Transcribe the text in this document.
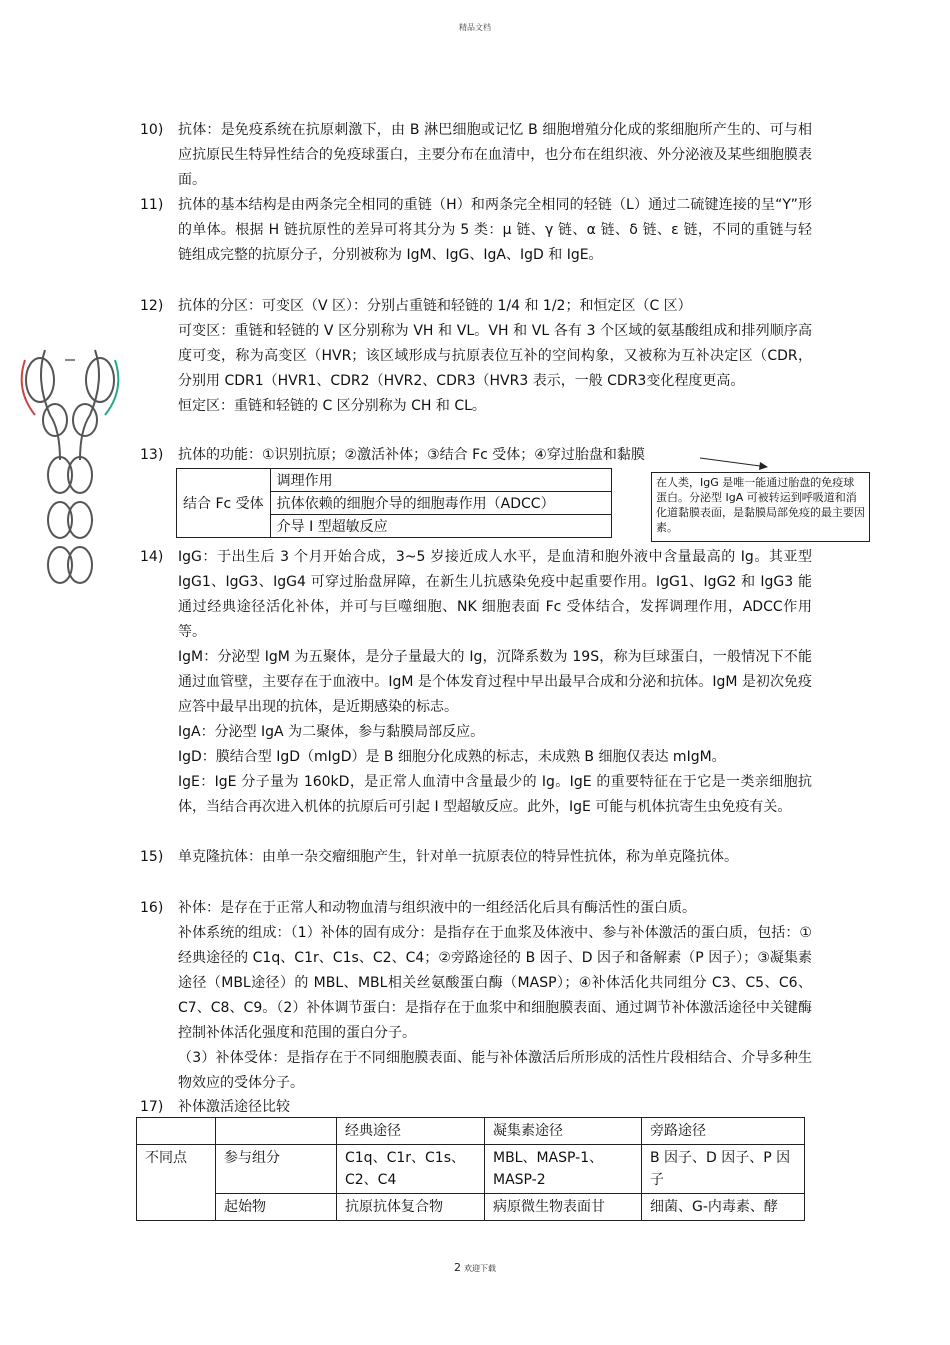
精品文档
10)	抗体：是免疫系统在抗原刺激下，由 B 淋巴细胞或记忆 B 细胞增殖分化成的浆细胞所产生的、可与相应抗原民生特异性结合的免疫球蛋白，主要分布在血清中，也分布在组织液、外分泌液及某些细胞膜表面。

11)	抗体的基本结构是由两条完全相同的重链（H）和两条完全相同的轻链（L）通过二硫键连接的呈“Y”形的单体。根据 H 链抗原性的差异可将其分为 5 类：μ 链、γ 链、α 链、δ 链、ε 链，不同的重链与轻链组成完整的抗原分子，分别被称为 IgM、IgG、IgA、IgD 和 IgE。

12)	抗体的分区：可变区（V 区）：分别占重链和轻链的 1/4 和 1/2；和恒定区（C 区）

可变区：重链和轻链的 V 区分别称为 VH 和 VL。VH 和 VL 各有 3 个区域的氨基酸组成和排列顺序高度可变，称为高变区（HVR；该区域形成与抗原表位互补的空间构象，又被称为互补决定区（CDR，分别用 CDR1（HVR1、CDR2（HVR2、CDR3（HVR3 表示，一般 CDR3变化程度更高。

恒定区：重链和轻链的 C 区分别称为 CH 和 CL。

13)	抗体的功能：①识别抗原；②激活补体；③结合 Fc 受体；④穿过胎盘和黏膜

14)	IgG：于出生后 3 个月开始合成，3~5 岁接近成人水平，是血清和胞外液中含量最高的 Ig。其亚型 IgG1、IgG3、IgG4 可穿过胎盘屏障，在新生儿抗感染免疫中起重要作用。IgG1、IgG2 和 IgG3 能通过经典途径活化补体，并可与巨噬细胞、NK 细胞表面 Fc 受体结合，发挥调理作用，ADCC作用等。

IgM：分泌型 IgM 为五聚体，是分子量最大的 Ig，沉降系数为 19S，称为巨球蛋白，一般情况下不能通过血管壁，主要存在于血液中。IgM 是个体发育过程中早出最早合成和分泌和抗体。IgM 是初次免疫应答中最早出现的抗体，是近期感染的标志。

IgA：分泌型 IgA 为二聚体，参与黏膜局部反应。

IgD：膜结合型 IgD（mIgD）是 B 细胞分化成熟的标志，未成熟 B 细胞仅表达 mIgM。

IgE：IgE 分子量为 160kD，是正常人血清中含量最少的 Ig。IgE 的重要特征在于它是一类亲细胞抗体，当结合再次进入机体的抗原后可引起 I 型超敏反应。此外，IgE 可能与机体抗寄生虫免疫有关。

15)	单克隆抗体：由单一杂交瘤细胞产生，针对单一抗原表位的特异性抗体，称为单克隆抗体。

16)	补体：是存在于正常人和动物血清与组织液中的一组经活化后具有酶活性的蛋白质。

补体系统的组成：（1）补体的固有成分：是指存在于血浆及体液中、参与补体激活的蛋白质，包括：①经典途径的 C1q、C1r、C1s、C2、C4；②旁路途径的 B 因子、D 因子和备解素（P 因子）；③凝集素途径（MBL途径）的 MBL、MBL相关丝氨酸蛋白酶（MASP）；④补体活化共同组分 C3、C5、C6、C7、C8、C9。（2）补体调节蛋白：是指存在于血浆中和细胞膜表面、通过调节补体激活途径中关键酶控制补体活化强度和范围的蛋白分子。

（3）补体受体：是指存在于不同细胞膜表面、能与补体激活后所形成的活性片段相结合、介导多种生物效应的受体分子。

17)	补体激活途径比较

结合 Fc 受体	调理作用
抗体依赖的细胞介导的细胞毒作用（ADCC）
介导 I 型超敏反应
在人类，IgG 是唯一能通过胎盘的免疫球蛋白。分泌型 IgA 可被转运到呼吸道和消化道黏膜表面，是黏膜局部免疫的最主要因素。
		经典途径	凝集素途径	旁路途径
不同点	参与组分	C1q、C1r、C1s、C2、C4	MBL、MASP-1、MASP-2	B 因子、D 因子、P 因子
	起始物	抗原抗体复合物	病原微生物表面甘	细菌、G-内毒素、酵
2 欢迎下载
